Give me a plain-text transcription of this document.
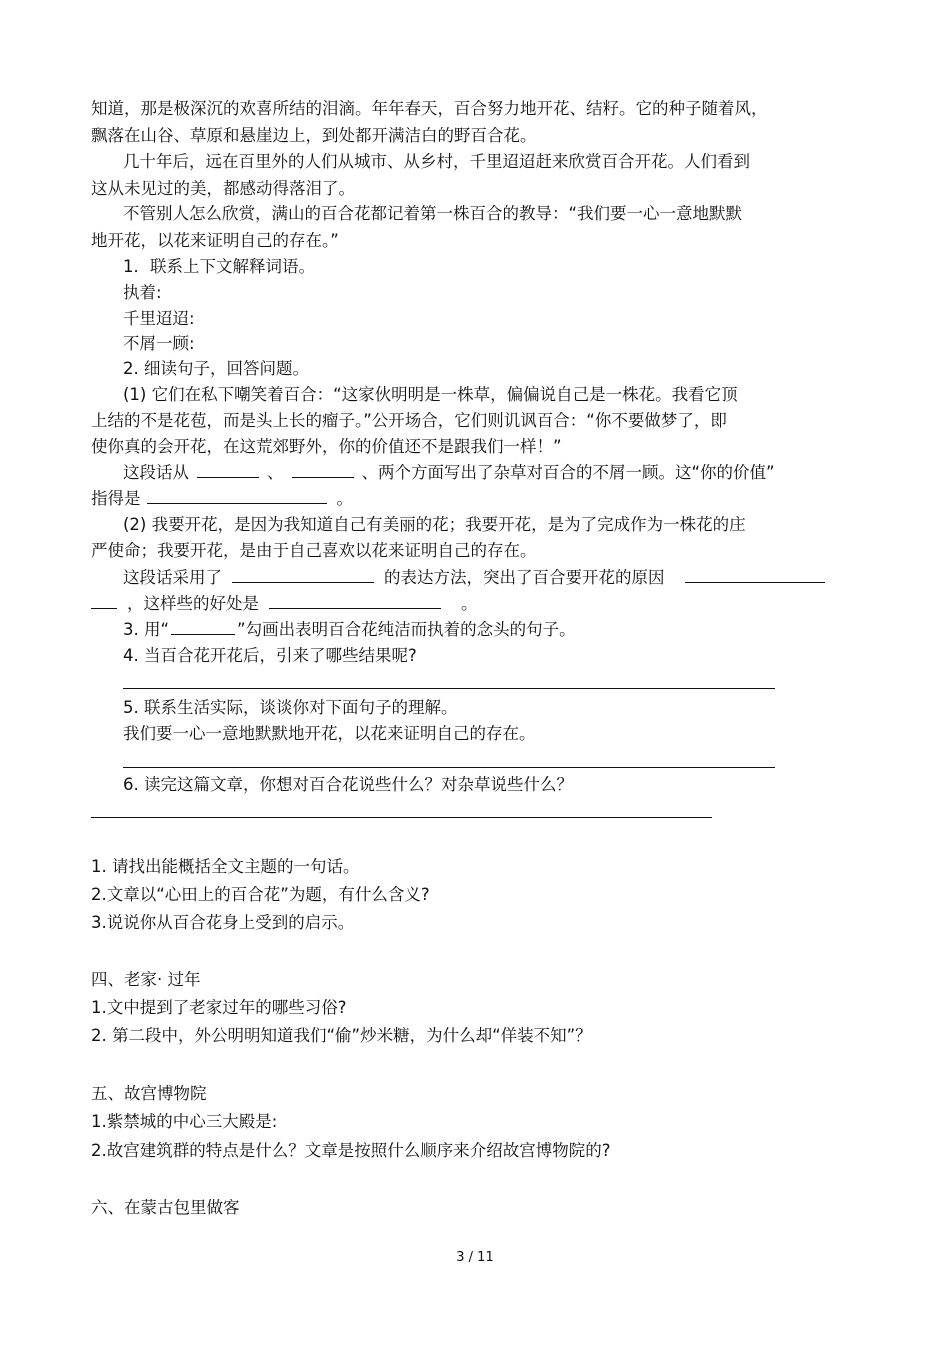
知道，那是极深沉的欢喜所结的泪滴。年年春天，百合努力地开花、结籽。它的种子随着风，
飘落在山谷、草原和悬崖边上，到处都开满洁白的野百合花。
几十年后，远在百里外的人们从城市、从乡村，千里迢迢赶来欣赏百合开花。人们看到
这从未见过的美，都感动得落泪了。
不管别人怎么欣赏，满山的百合花都记着第一株百合的教导：“我们要一心一意地默默
地开花，以花来证明自己的存在。”
1．联系上下文解释词语。
执着:
千里迢迢:
不屑一顾:
2. 细读句子，回答问题。
(1) 它们在私下嘲笑着百合：“这家伙明明是一株草，偏偏说自己是一株花。我看它顶
上结的不是花苞，而是头上长的瘤子。”公开场合，它们则讥讽百合：“你不要做梦了，即
使你真的会开花，在这荒郊野外，你的价值还不是跟我们一样！”
这段话从	、	、两个方面写出了杂草对百合的不屑一顾。这“你的价值”
指得是	。
(2) 我要开花，是因为我知道自己有美丽的花；我要开花，是为了完成作为一株花的庄
严使命；我要开花，是由于自己喜欢以花来证明自己的存在。
这段话采用了	的表达方法，突出了百合要开花的原因
，这样些的好处是	。
3. 用“	”勾画出表明百合花纯洁而执着的念头的句子。
4. 当百合花开花后，引来了哪些结果呢?
5. 联系生活实际，谈谈你对下面句子的理解。
我们要一心一意地默默地开花，以花来证明自己的存在。
6. 读完这篇文章，你想对百合花说些什么？对杂草说些什么？
1. 请找出能概括全文主题的一句话。
2.文章以“心田上的百合花”为题，有什么含义?
3.说说你从百合花身上受到的启示。
四、老家· 过年
1.文中提到了老家过年的哪些习俗?
2. 第二段中，外公明明知道我们“偷”炒米糖，为什么却“佯装不知”？
五、故宫博物院
1.紫禁城的中心三大殿是:
2.故宫建筑群的特点是什么？文章是按照什么顺序来介绍故宫博物院的?
六、在蒙古包里做客
3 / 11
